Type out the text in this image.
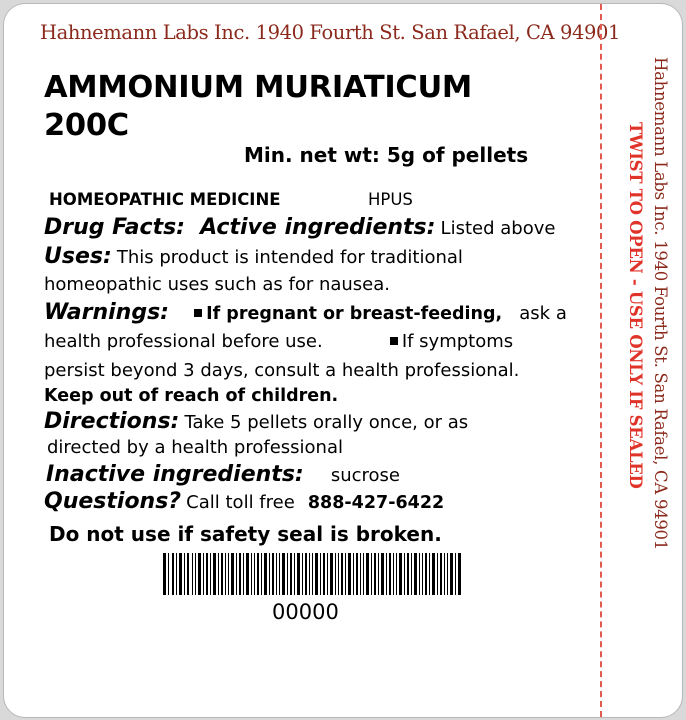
Hahnemann Labs Inc. 1940 Fourth St. San Rafael, CA 94901
AMMONIUM MURIATICUM
200C
Min. net wt: 5g of pellets
HOMEOPATHIC MEDICINE	HPUS
Drug Facts: Active ingredients: Listed above
Uses: This product is intended for traditional
homeopathic uses such as for nausea.
Warnings: If pregnant or breast-feeding, ask a
health professional before use.	If symptoms
persist beyond 3 days, consult a health professional.
Keep out of reach of children.
Directions: Take 5 pellets orally once, or as
directed by a health professional
Inactive ingredients: sucrose
Questions? Call toll free 888-427-6422
Do not use if safety seal is broken.
00000
Hahnemann Labs Inc. 1940 Fourth St. San Rafael, CA 94901
TWIST TO OPEN - USE ONLY IF SEALED
